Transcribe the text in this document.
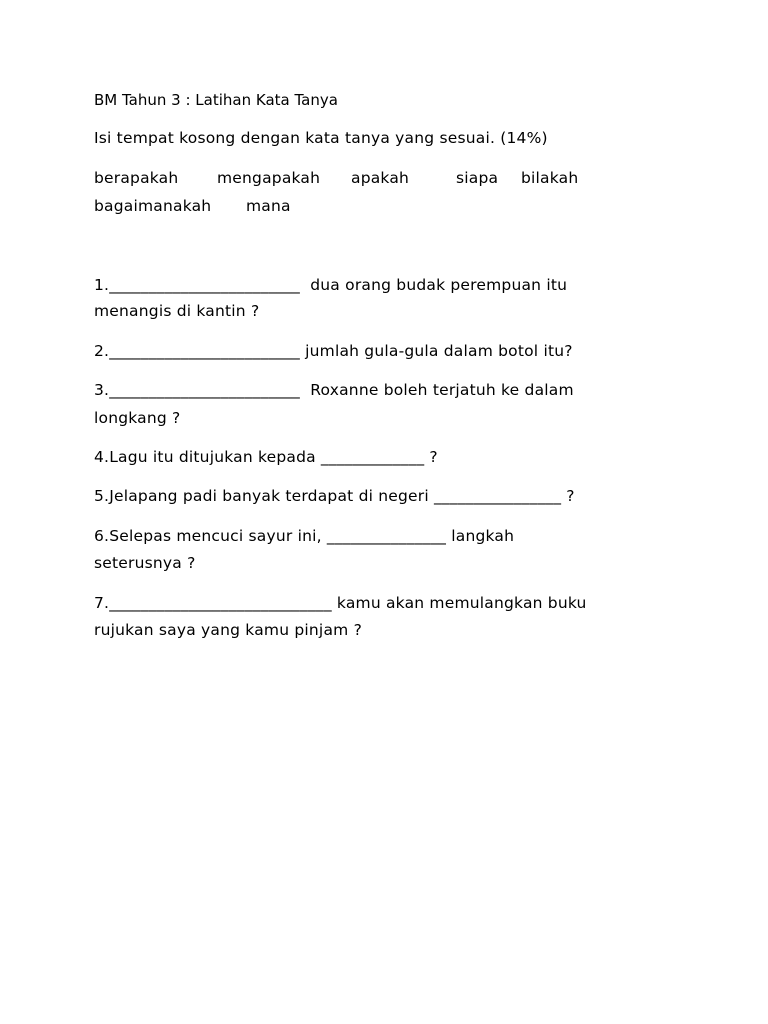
BM Tahun 3 : Latihan Kata Tanya
Isi tempat kosong dengan kata tanya yang sesuai. (14%)
berapakah mengapakah apakah	siapa bilakah
bagaimanakah mana
1.________________________  dua orang budak perempuan itu
menangis di kantin ?
2.________________________ jumlah gula-gula dalam botol itu?
3.________________________  Roxanne boleh terjatuh ke dalam
longkang ?
4.Lagu itu ditujukan kepada _____________ ?
5.Jelapang padi banyak terdapat di negeri ________________ ?
6.Selepas mencuci sayur ini, _______________ langkah
seterusnya ?
7.____________________________ kamu akan memulangkan buku
rujukan saya yang kamu pinjam ?
